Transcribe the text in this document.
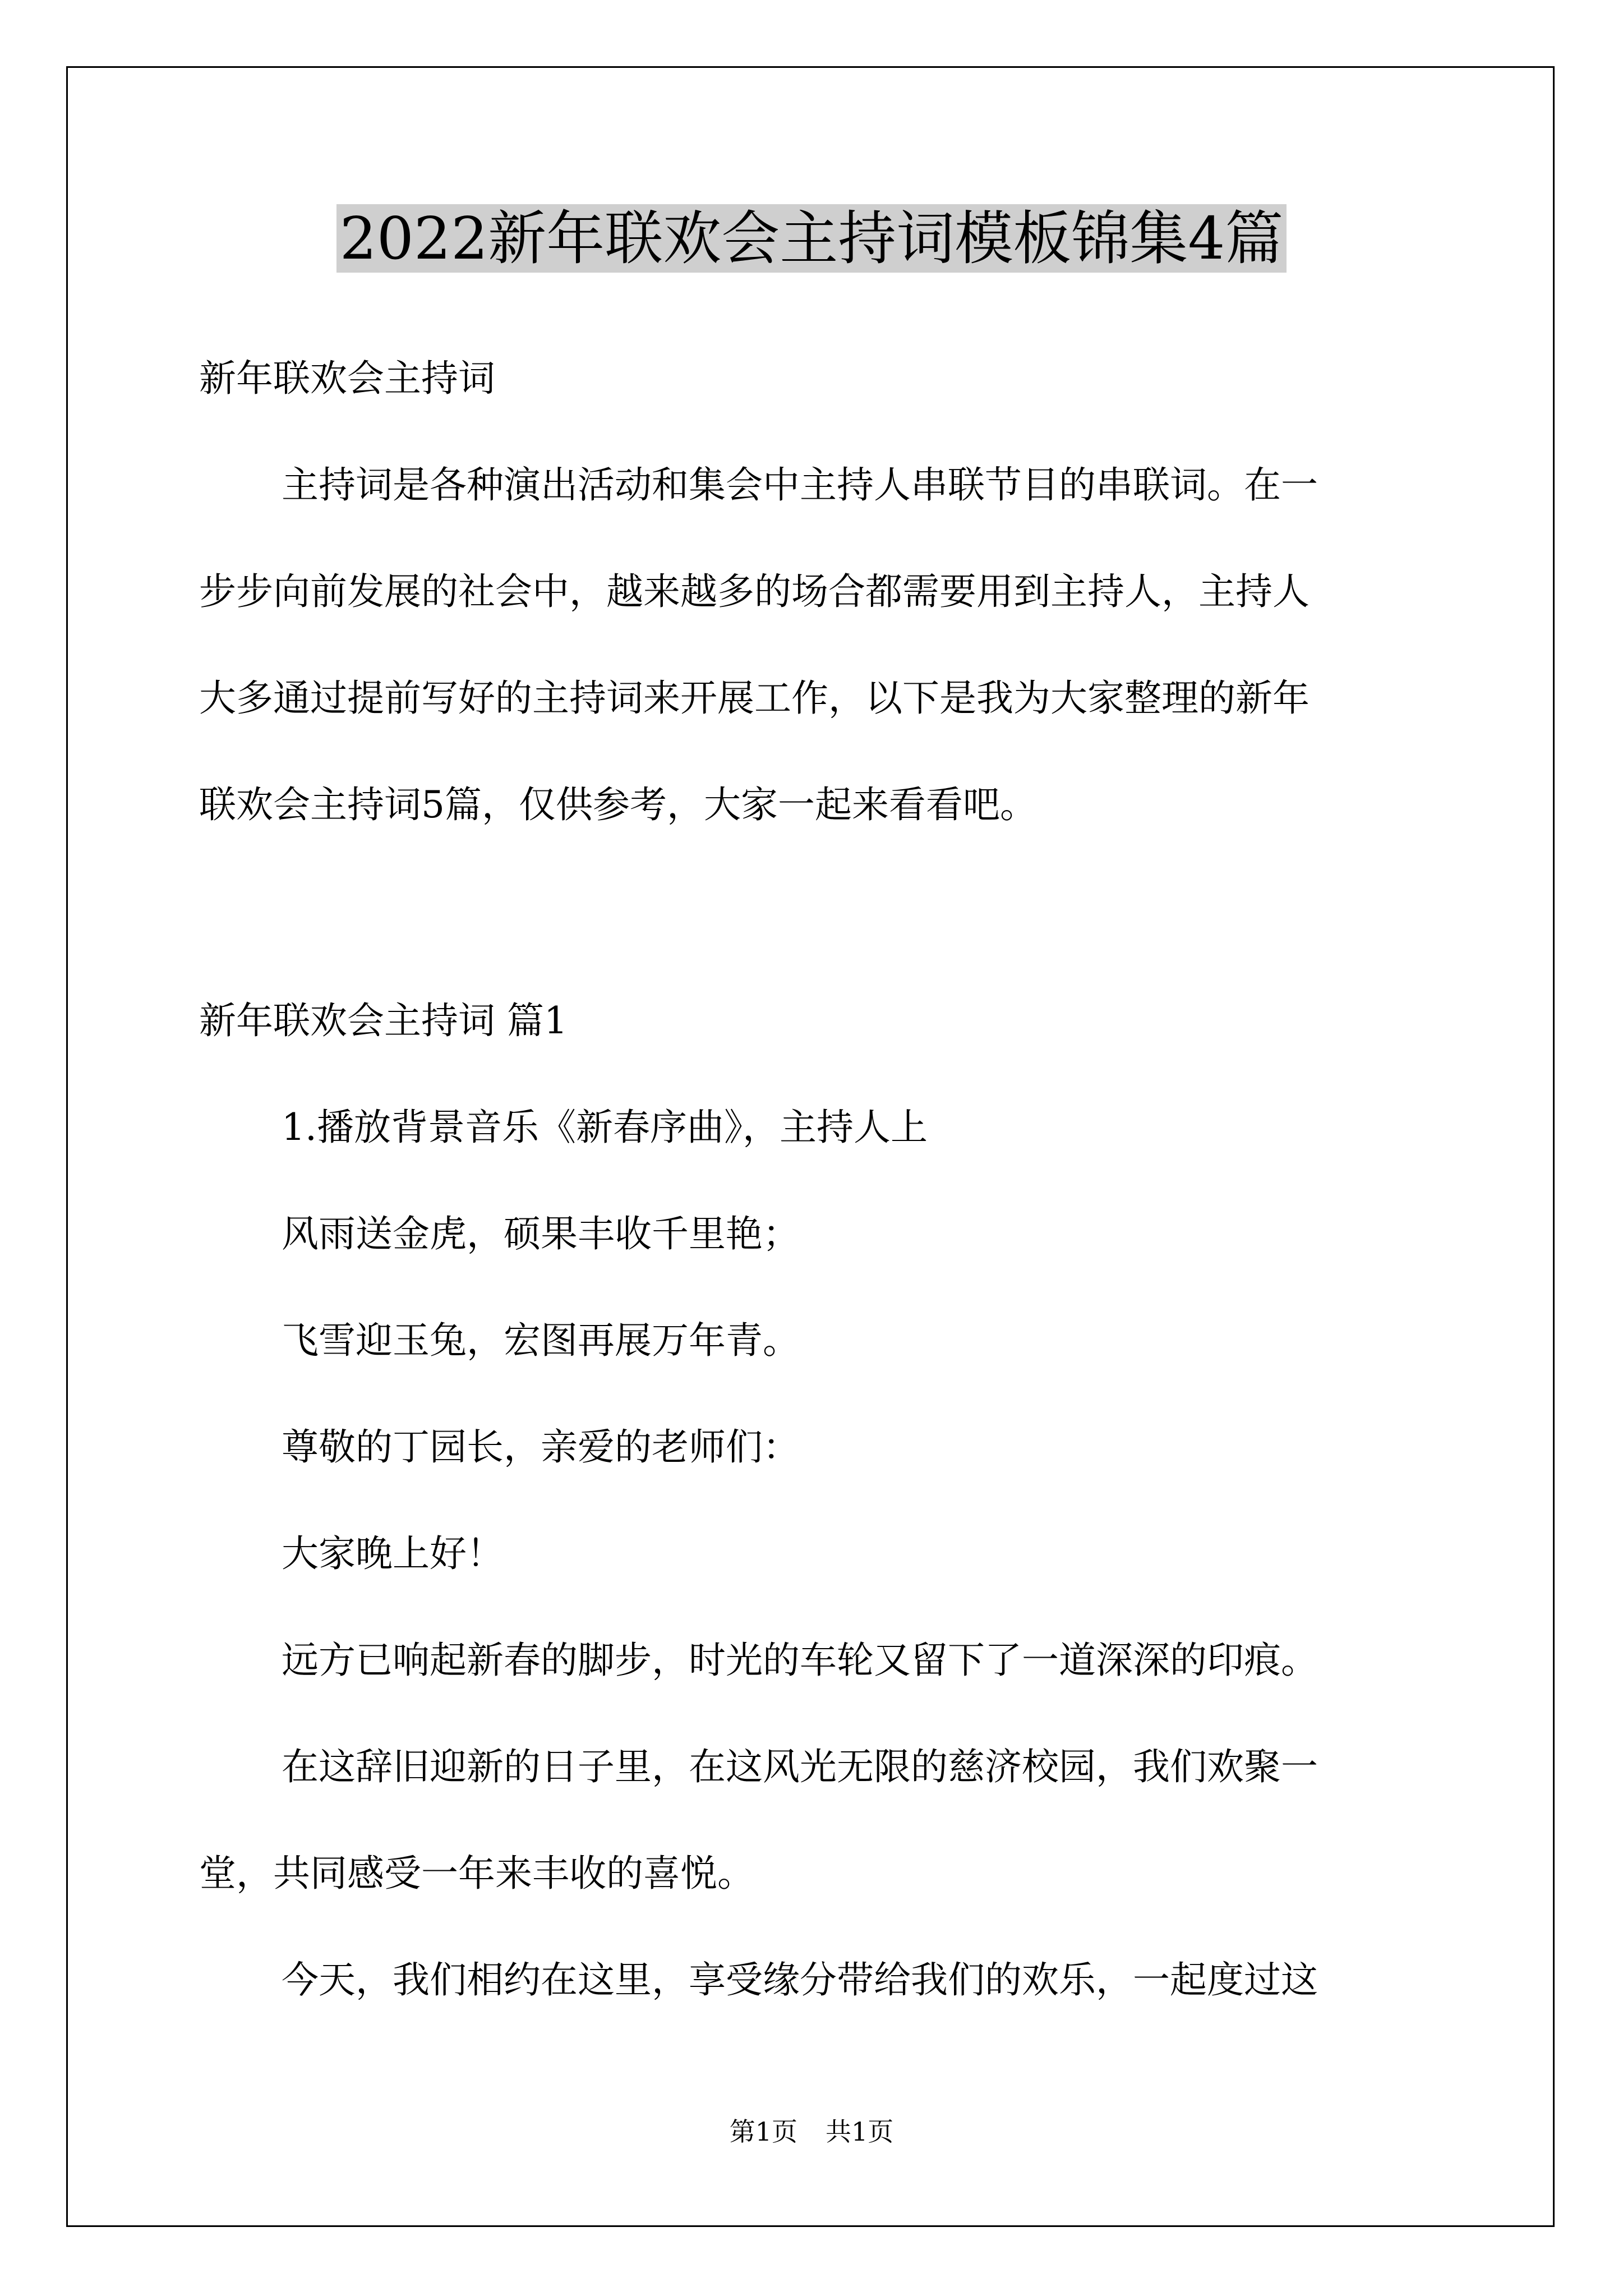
2022新年联欢会主持词模板锦集4篇
新年联欢会主持词
主持词是各种演出活动和集会中主持人串联节目的串联词。在一
步步向前发展的社会中，越来越多的场合都需要用到主持人，主持人
大多通过提前写好的主持词来开展工作，以下是我为大家整理的新年
联欢会主持词5篇，仅供参考，大家一起来看看吧。
新年联欢会主持词 篇1
1.播放背景音乐《新春序曲》，主持人上
风雨送金虎，硕果丰收千里艳；
飞雪迎玉兔，宏图再展万年青。
尊敬的丁园长，亲爱的老师们：
大家晚上好！
远方已响起新春的脚步，时光的车轮又留下了一道深深的印痕。
在这辞旧迎新的日子里，在这风光无限的慈济校园，我们欢聚一
堂，共同感受一年来丰收的喜悦。
今天，我们相约在这里，享受缘分带给我们的欢乐，一起度过这
第1页 共1页
